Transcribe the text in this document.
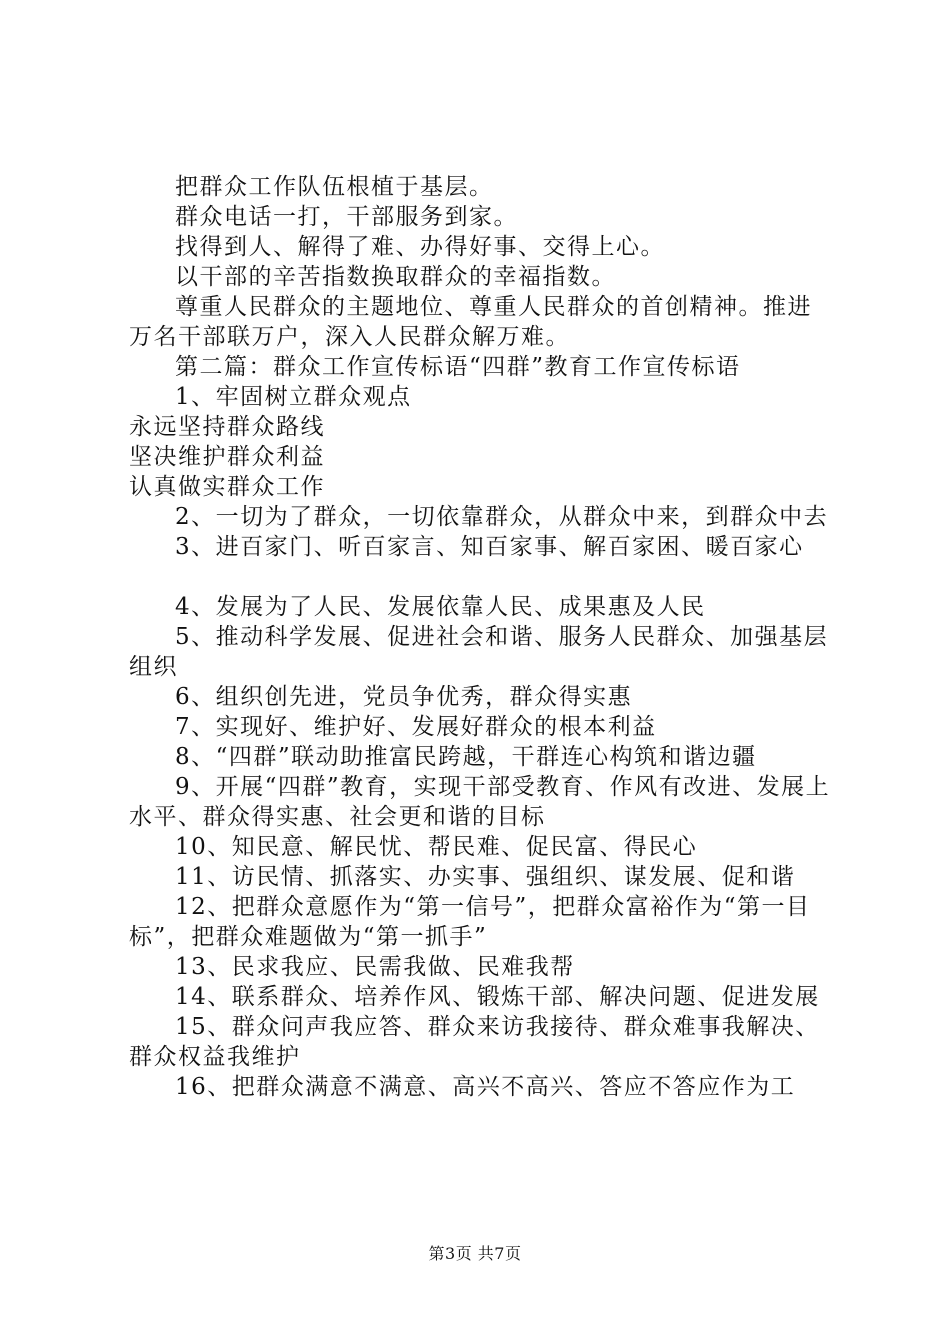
把群众工作队伍根植于基层。

群众电话一打，干部服务到家。

找得到人、解得了难、办得好事、交得上心。

以干部的辛苦指数换取群众的幸福指数。

尊重人民群众的主题地位、尊重人民群众的首创精神。推进万名干部联万户，深入人民群众解万难。

第二篇：群众工作宣传标语“四群”教育工作宣传标语

1、牢固树立群众观点

永远坚持群众路线

坚决维护群众利益

认真做实群众工作

2、一切为了群众，一切依靠群众，从群众中来，到群众中去

3、进百家门、听百家言、知百家事、解百家困、暖百家心

4、发展为了人民、发展依靠人民、成果惠及人民

5、推动科学发展、促进社会和谐、服务人民群众、加强基层组织

6、组织创先进，党员争优秀，群众得实惠

7、实现好、维护好、发展好群众的根本利益

8、“四群”联动助推富民跨越，干群连心构筑和谐边疆

9、开展“四群”教育，实现干部受教育、作风有改进、发展上水平、群众得实惠、社会更和谐的目标

10、知民意、解民忧、帮民难、促民富、得民心

11、访民情、抓落实、办实事、强组织、谋发展、促和谐

12、把群众意愿作为“第一信号”，把群众富裕作为“第一目标”，把群众难题做为“第一抓手”

13、民求我应、民需我做、民难我帮

14、联系群众、培养作风、锻炼干部、解决问题、促进发展

15、群众问声我应答、群众来访我接待、群众难事我解决、群众权益我维护

16、把群众满意不满意、高兴不高兴、答应不答应作为工

第3页 共7页
